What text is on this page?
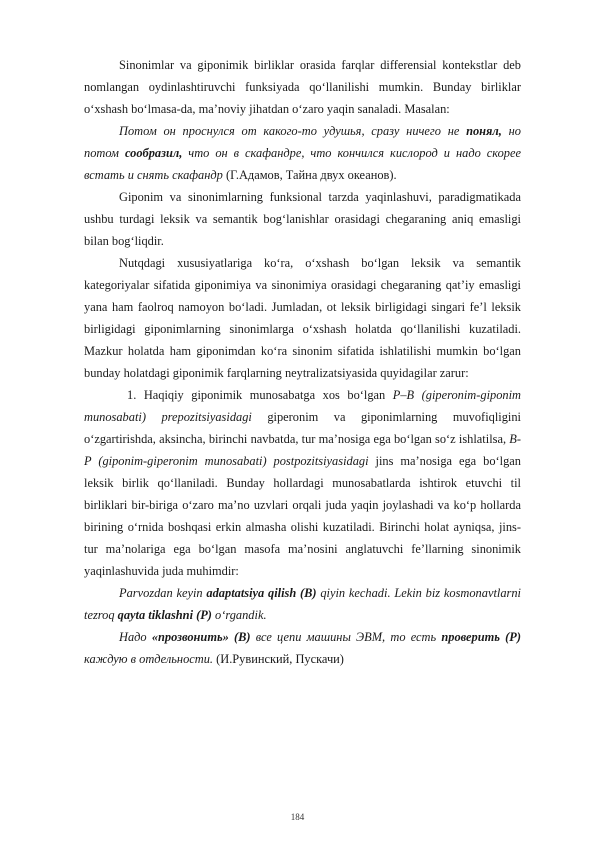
Sinonimlar va giponimik birliklar orasida farqlar differensial kontekstlar deb nomlangan oydinlashtiruvchi funksiyada qo‘llanilishi mumkin. Bunday birliklar o‘xshash bo‘lmasa-da, ma’noviy jihatdan o‘zaro yaqin sanaladi. Masalan:

Потом он проснулся от какого-то удушья, сразу ничего не понял, но потом сообразил, что он в скафандре, что кончился кислород и надо скорее встать и снять скафандр (Г.Адамов, Тайна двух океанов).

Giponim va sinonimlarning funksional tarzda yaqinlashuvi, paradigmatikada ushbu turdagi leksik va semantik bog‘lanishlar orasidagi chegaraning aniq emasligi bilan bog‘liqdir.

Nutqdagi xususiyatlariga ko‘ra, o‘xshash bo‘lgan leksik va semantik kategoriyalar sifatida giponimiya va sinonimiya orasidagi chegaraning qat’iy emasligi yana ham faolroq namoyon bo‘ladi. Jumladan, ot leksik birligidagi singari fe’l leksik birligidagi giponimlarning sinonimlarga o‘xshash holatda qo‘llanilishi kuzatiladi. Mazkur holatda ham giponimdan ko‘ra sinonim sifatida ishlatilishi mumkin bo‘lgan bunday holatdagi giponimik farqlarning neytralizatsiyasida quyidagilar zarur:

1. Haqiqiy giponimik munosabatga xos bo‘lgan P–B (giperonim-giponim munosabati) prepozitsiyasidagi giperonim va giponimlarning muvofiqligini o‘zgartirishda, aksincha, birinchi navbatda, tur ma’nosiga ega bo‘lgan so‘z ishlatilsa, B-P (giponim-giperonim munosabati) postpozitsiyasidagi jins ma’nosiga ega bo‘lgan leksik birlik qo‘llaniladi. Bunday hollardagi munosabatlarda ishtirok etuvchi til birliklari bir-biriga o‘zaro ma’no uzvlari orqali juda yaqin joylashadi va ko‘p hollarda birining o‘rnida boshqasi erkin almasha olishi kuzatiladi. Birinchi holat ayniqsa, jins-tur ma’nolariga ega bo‘lgan masofa ma’nosini anglatuvchi fe’llarning sinonimik yaqinlashuvida juda muhimdir:

Parvozdan keyin adaptatsiya qilish (B) qiyin kechadi. Lekin biz kosmonavtlarni tezroq qayta tiklashni (P) o‘rgandik.

Надо «прозвонить» (B) все цепи машины ЭВМ, то есть проверить (P) каждую в отдельности. (И.Рувинский, Пускачи)

184
